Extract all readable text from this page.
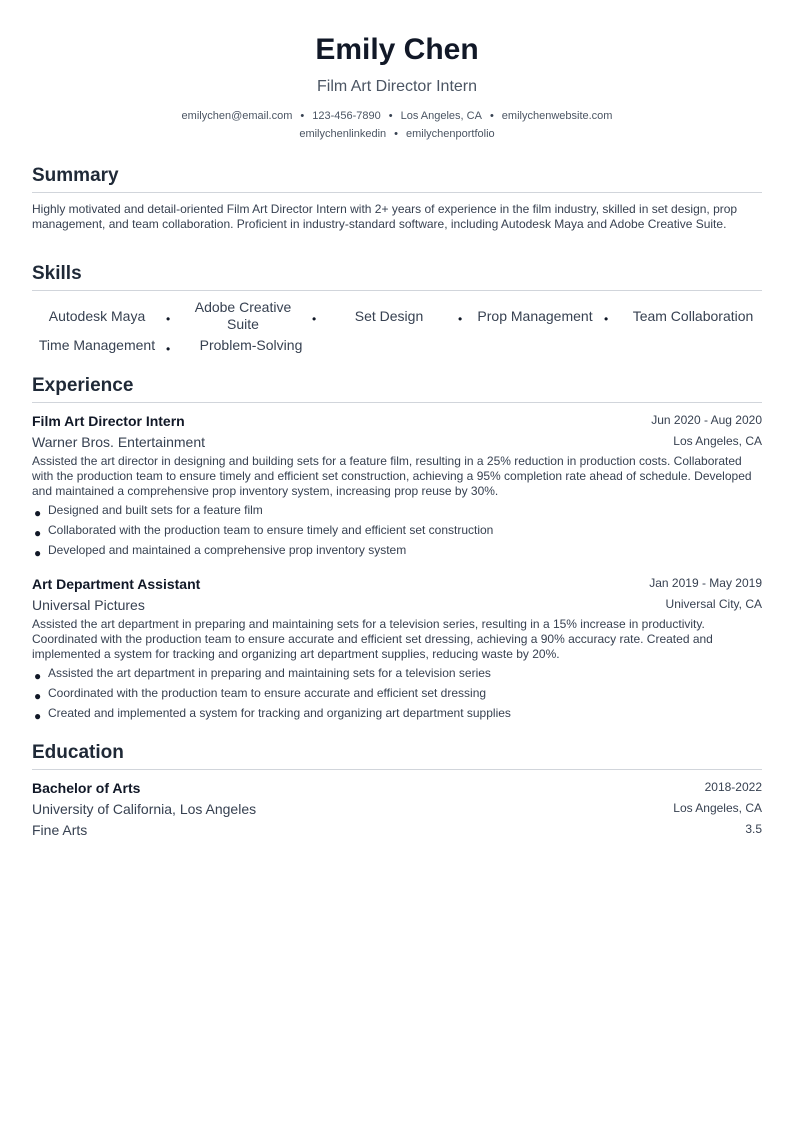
Emily Chen
Film Art Director Intern
emilychen@email.com • 123-456-7890 • Los Angeles, CA • emilychenwebsite.com
emilychenlinkedin • emilychenportfolio
Summary
Highly motivated and detail-oriented Film Art Director Intern with 2+ years of experience in the film industry, skilled in set design, prop management, and team collaboration. Proficient in industry-standard software, including Autodesk Maya and Adobe Creative Suite.
Skills
Autodesk Maya	•
Adobe Creative Suite	•	Set Design	•	Prop Management •	Team Collaboration
Time Management •	Problem-Solving
Experience
Film Art Director Intern	Jun 2020 - Aug 2020
Warner Bros. Entertainment	Los Angeles, CA
Assisted the art director in designing and building sets for a feature film, resulting in a 25% reduction in production costs. Collaborated with the production team to ensure timely and efficient set construction, achieving a 95% completion rate ahead of schedule. Developed and maintained a comprehensive prop inventory system, increasing prop reuse by 30%.
● Designed and built sets for a feature film
● Collaborated with the production team to ensure timely and efficient set construction
● Developed and maintained a comprehensive prop inventory system
Art Department Assistant	Jan 2019 - May 2019
Universal Pictures	Universal City, CA
Assisted the art department in preparing and maintaining sets for a television series, resulting in a 15% increase in productivity. Coordinated with the production team to ensure accurate and efficient set dressing, achieving a 90% accuracy rate. Created and implemented a system for tracking and organizing art department supplies, reducing waste by 20%.
● Assisted the art department in preparing and maintaining sets for a television series
● Coordinated with the production team to ensure accurate and efficient set dressing
● Created and implemented a system for tracking and organizing art department supplies
Education
Bachelor of Arts	2018-2022
University of California, Los Angeles	Los Angeles, CA
Fine Arts	3.5
